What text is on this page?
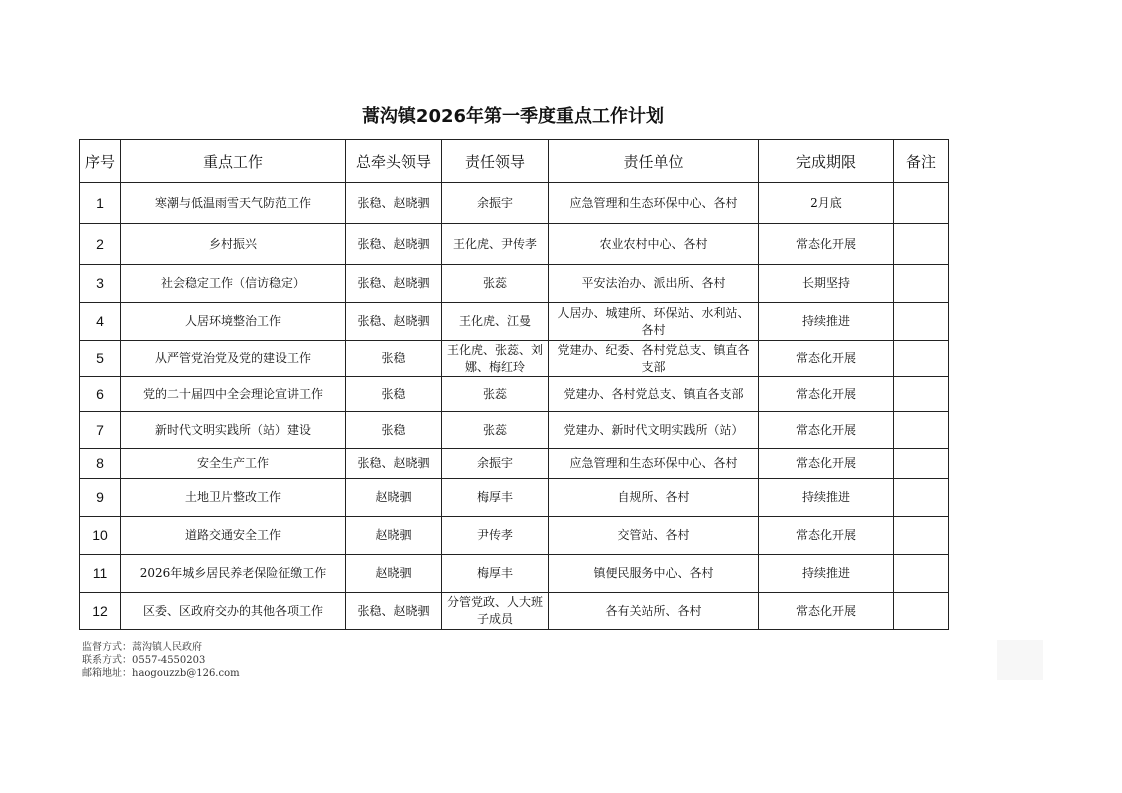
蒿沟镇2026年第一季度重点工作计划
序号	重点工作	总牵头领导	责任领导	责任单位	完成期限	备注
1	寒潮与低温雨雪天气防范工作	张稳、赵晓驷	余振宇	应急管理和生态环保中心、各村	2月底	
2	乡村振兴	张稳、赵晓驷	王化虎、尹传孝	农业农村中心、各村	常态化开展	
3	社会稳定工作（信访稳定）	张稳、赵晓驷	张蕊	平安法治办、派出所、各村	长期坚持	
4	人居环境整治工作	张稳、赵晓驷	王化虎、江曼	人居办、城建所、环保站、水利站、各村	持续推进	
5	从严管党治党及党的建设工作	张稳	王化虎、张蕊、刘娜、梅红玲	党建办、纪委、各村党总支、镇直各支部	常态化开展	
6	党的二十届四中全会理论宣讲工作	张稳	张蕊	党建办、各村党总支、镇直各支部	常态化开展	
7	新时代文明实践所（站）建设	张稳	张蕊	党建办、新时代文明实践所（站）	常态化开展	
8	安全生产工作	张稳、赵晓驷	余振宇	应急管理和生态环保中心、各村	常态化开展	
9	土地卫片整改工作	赵晓驷	梅厚丰	自规所、各村	持续推进	
10	道路交通安全工作	赵晓驷	尹传孝	交管站、各村	常态化开展	
11	2026年城乡居民养老保险征缴工作	赵晓驷	梅厚丰	镇便民服务中心、各村	持续推进	
12	区委、区政府交办的其他各项工作	张稳、赵晓驷	分管党政、人大班子成员	各有关站所、各村	常态化开展	
监督方式：蒿沟镇人民政府
联系方式：0557-4550203
邮箱地址：haogouzzb@126.com
